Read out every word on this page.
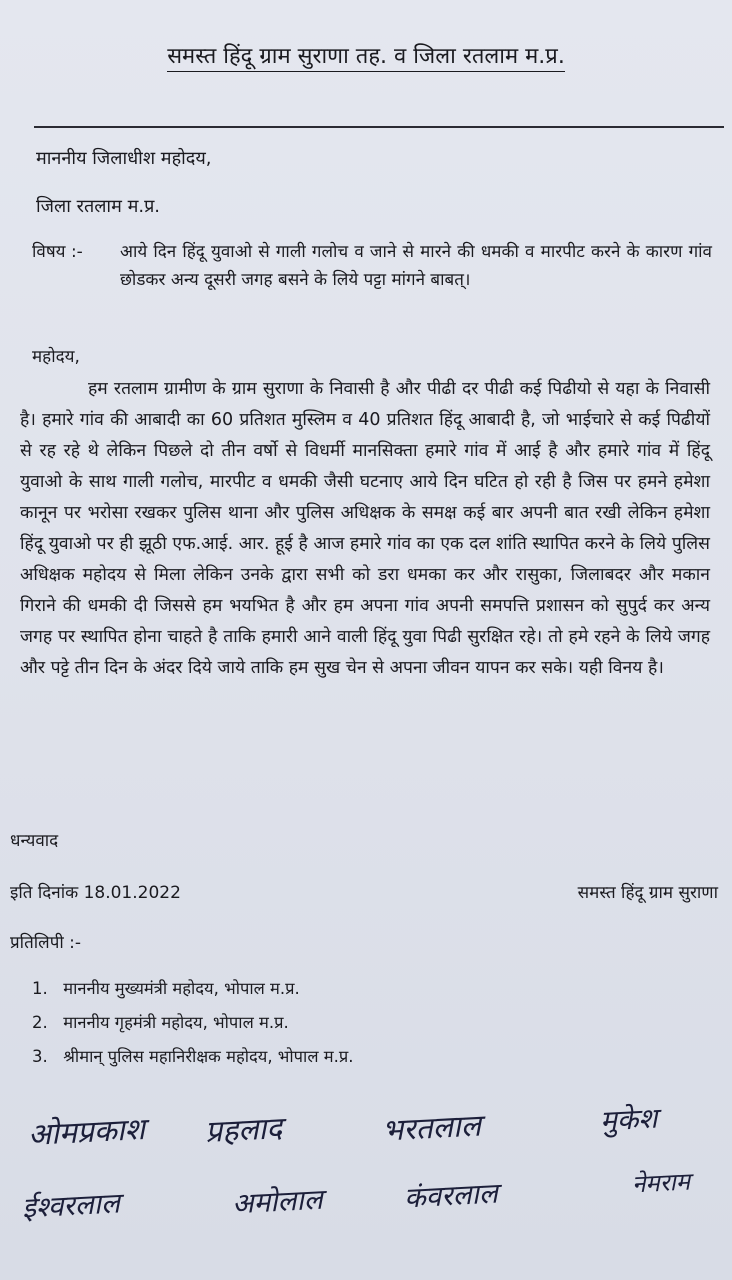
समस्त हिंदू ग्राम सुराणा तह. व जिला रतलाम म.प्र.
माननीय जिलाधीश महोदय,
जिला रतलाम म.प्र.
विषय :- आये दिन हिंदू युवाओ से गाली गलोच व जाने से मारने की धमकी व मारपीट करने के कारण गांव छोडकर अन्य दूसरी जगह बसने के लिये पट्टा मांगने बाबत्।
महोदय,
हम रतलाम ग्रामीण के ग्राम सुराणा के निवासी है और पीढी दर पीढी कई पिढीयो से यहा के निवासी है। हमारे गांव की आबादी का 60 प्रतिशत मुस्लिम व 40 प्रतिशत हिंदू आबादी है, जो भाईचारे से कई पिढीयों से रह रहे थे लेकिन पिछले दो तीन वर्षो से विधर्मी मानसिक्ता हमारे गांव में आई है और हमारे गांव में हिंदू युवाओ के साथ गाली गलोच, मारपीट व धमकी जैसी घटनाए आये दिन घटित हो रही है जिस पर हमने हमेशा कानून पर भरोसा रखकर पुलिस थाना और पुलिस अधिक्षक के समक्ष कई बार अपनी बात रखी लेकिन हमेशा हिंदू युवाओ पर ही झूठी एफ.आई. आर. हूई है आज हमारे गांव का एक दल शांति स्थापित करने के लिये पुलिस अधिक्षक महोदय से मिला लेकिन उनके द्वारा सभी को डरा धमका कर और रासुका, जिलाबदर और मकान गिराने की धमकी दी जिससे हम भयभित है और हम अपना गांव अपनी समपत्ति प्रशासन को सुपुर्द कर अन्य जगह पर स्थापित होना चाहते है ताकि हमारी आने वाली हिंदू युवा पिढी सुरक्षित रहे। तो हमे रहने के लिये जगह और पट्टे तीन दिन के अंदर दिये जाये ताकि हम सुख चेन से अपना जीवन यापन कर सके। यही विनय है।
धन्यवाद
इति दिनांक 18.01.2022	समस्त हिंदू ग्राम सुराणा
प्रतिलिपी :-
1. माननीय मुख्यमंत्री महोदय, भोपाल म.प्र.
2. माननीय गृहमंत्री महोदय, भोपाल म.प्र.
3. श्रीमान् पुलिस महानिरीक्षक महोदय, भोपाल म.प्र.
ओमप्रकाश प्रहलाद	भरतलाल	मुकेश
ईश्वरलाल	अमोलाल	कंवरलाल	नेमराम
